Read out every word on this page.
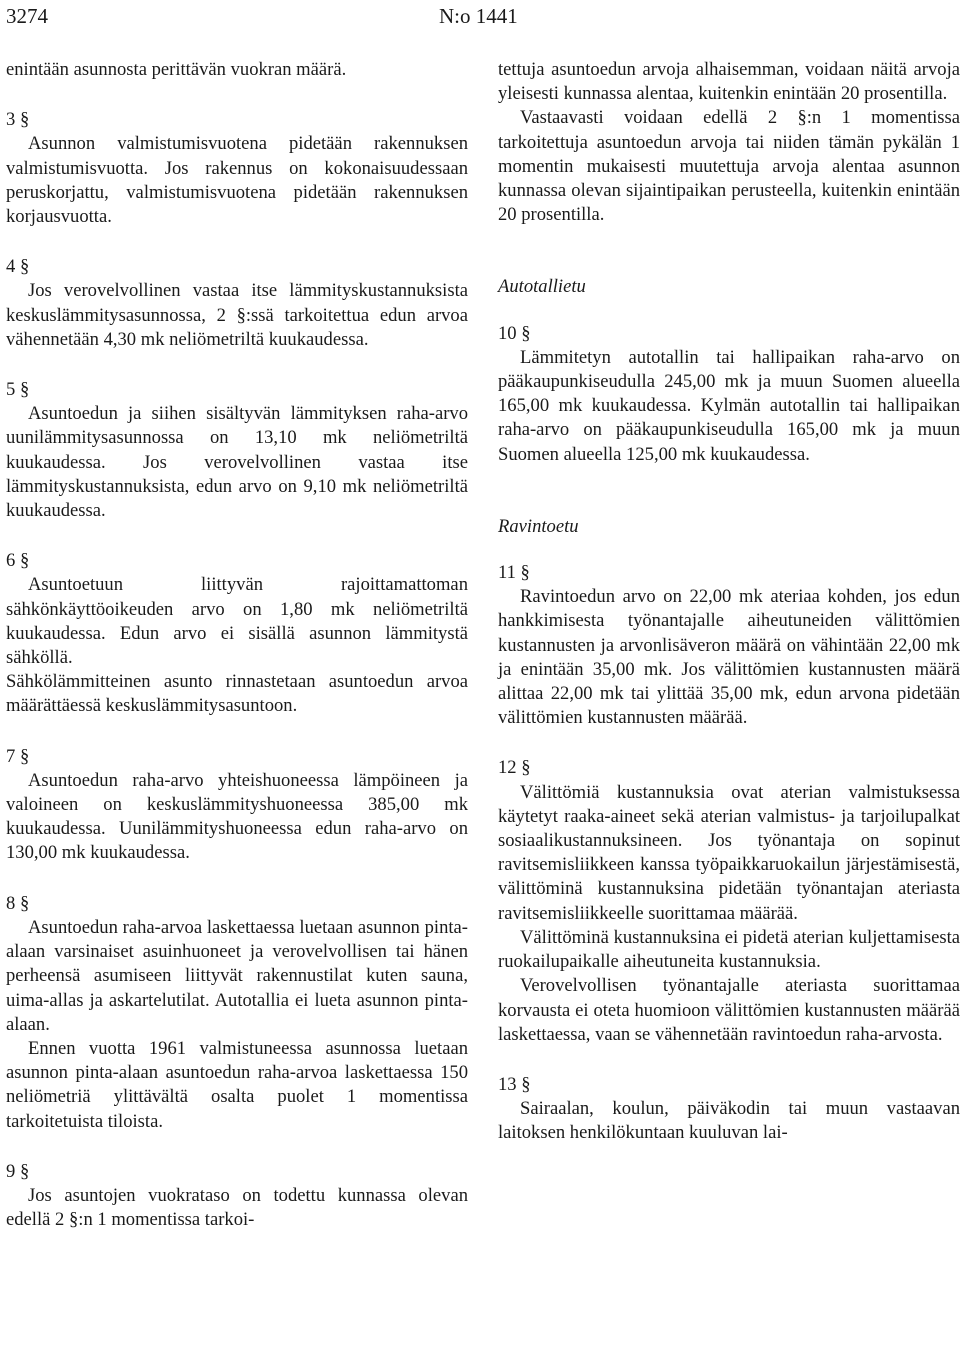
3274	N:o 1441

enintään asunnosta perittävän vuokran määrä.

3 §

Asunnon valmistumisvuotena pidetään rakennuksen valmistumisvuotta. Jos rakennus on kokonaisuudessaan peruskorjattu, valmistumisvuotena pidetään rakennuksen korjausvuotta.

4 §

Jos verovelvollinen vastaa itse lämmityskustannuksista keskuslämmitysasunnossa, 2 §:ssä tarkoitettua edun arvoa vähennetään 4,30 mk neliömetriltä kuukaudessa.

5 §

Asuntoedun ja siihen sisältyvän lämmityksen raha-arvo uunilämmitysasunnossa on 13,10 mk neliömetriltä kuukaudessa. Jos verovelvollinen vastaa itse lämmityskustannuksista, edun arvo on 9,10 mk neliömetriltä kuukaudessa.

6 §

Asuntoetuun liittyvän rajoittamattoman sähkönkäyttöoikeuden arvo on 1,80 mk neliömetriltä kuukaudessa. Edun arvo ei sisällä asunnon lämmitystä sähköllä.

Sähkölämmitteinen asunto rinnastetaan asuntoedun arvoa määrättäessä keskuslämmitysasuntoon.

7 §

Asuntoedun raha-arvo yhteishuoneessa lämpöineen ja valoineen on keskuslämmityshuoneessa 385,00 mk kuukaudessa. Uunilämmityshuoneessa edun raha-arvo on 130,00 mk kuukaudessa.

8 §

Asuntoedun raha-arvoa laskettaessa luetaan asunnon pinta-alaan varsinaiset asuinhuoneet ja verovelvollisen tai hänen perheensä asumiseen liittyvät rakennustilat kuten sauna, uima-allas ja askartelutilat. Autotallia ei lueta asunnon pinta-alaan.

Ennen vuotta 1961 valmistuneessa asunnossa luetaan asunnon pinta-alaan asuntoedun raha-arvoa laskettaessa 150 neliömetriä ylittävältä osalta puolet 1 momentissa tarkoitetuista tiloista.

9 §

Jos asuntojen vuokrataso on todettu kunnassa olevan edellä 2 §:n 1 momentissa tarkoi-

tettuja asuntoedun arvoja alhaisemman, voidaan näitä arvoja yleisesti kunnassa alentaa, kuitenkin enintään 20 prosentilla.

Vastaavasti voidaan edellä 2 §:n 1 momentissa tarkoitettuja asuntoedun arvoja tai niiden tämän pykälän 1 momentin mukaisesti muutettuja arvoja alentaa asunnon kunnassa olevan sijaintipaikan perusteella, kuitenkin enintään 20 prosentilla.

Autotallietu

10 §

Lämmitetyn autotallin tai hallipaikan raha-arvo on pääkaupunkiseudulla 245,00 mk ja muun Suomen alueella 165,00 mk kuukaudessa. Kylmän autotallin tai hallipaikan raha-arvo on pääkaupunkiseudulla 165,00 mk ja muun Suomen alueella 125,00 mk kuukaudessa.

Ravintoetu

11 §

Ravintoedun arvo on 22,00 mk ateriaa kohden, jos edun hankkimisesta työnantajalle aiheutuneiden välittömien kustannusten ja arvonlisäveron määrä on vähintään 22,00 mk ja enintään 35,00 mk. Jos välittömien kustannusten määrä alittaa 22,00 mk tai ylittää 35,00 mk, edun arvona pidetään välittömien kustannusten määrää.

12 §

Välittömiä kustannuksia ovat aterian valmistuksessa käytetyt raaka-aineet sekä aterian valmistus- ja tarjoilupalkat sosiaalikustannuksineen. Jos työnantaja on sopinut ravitsemisliikkeen kanssa työpaikkaruokailun järjestämisestä, välittöminä kustannuksina pidetään työnantajan ateriasta ravitsemisliikkeelle suorittamaa määrää.

Välittöminä kustannuksina ei pidetä aterian kuljettamisesta ruokailupaikalle aiheutuneita kustannuksia.

Verovelvollisen työnantajalle ateriasta suorittamaa korvausta ei oteta huomioon välittömien kustannusten määrää laskettaessa, vaan se vähennetään ravintoedun raha-arvosta.

13 §

Sairaalan, koulun, päiväkodin tai muun vastaavan laitoksen henkilökuntaan kuuluvan lai-
